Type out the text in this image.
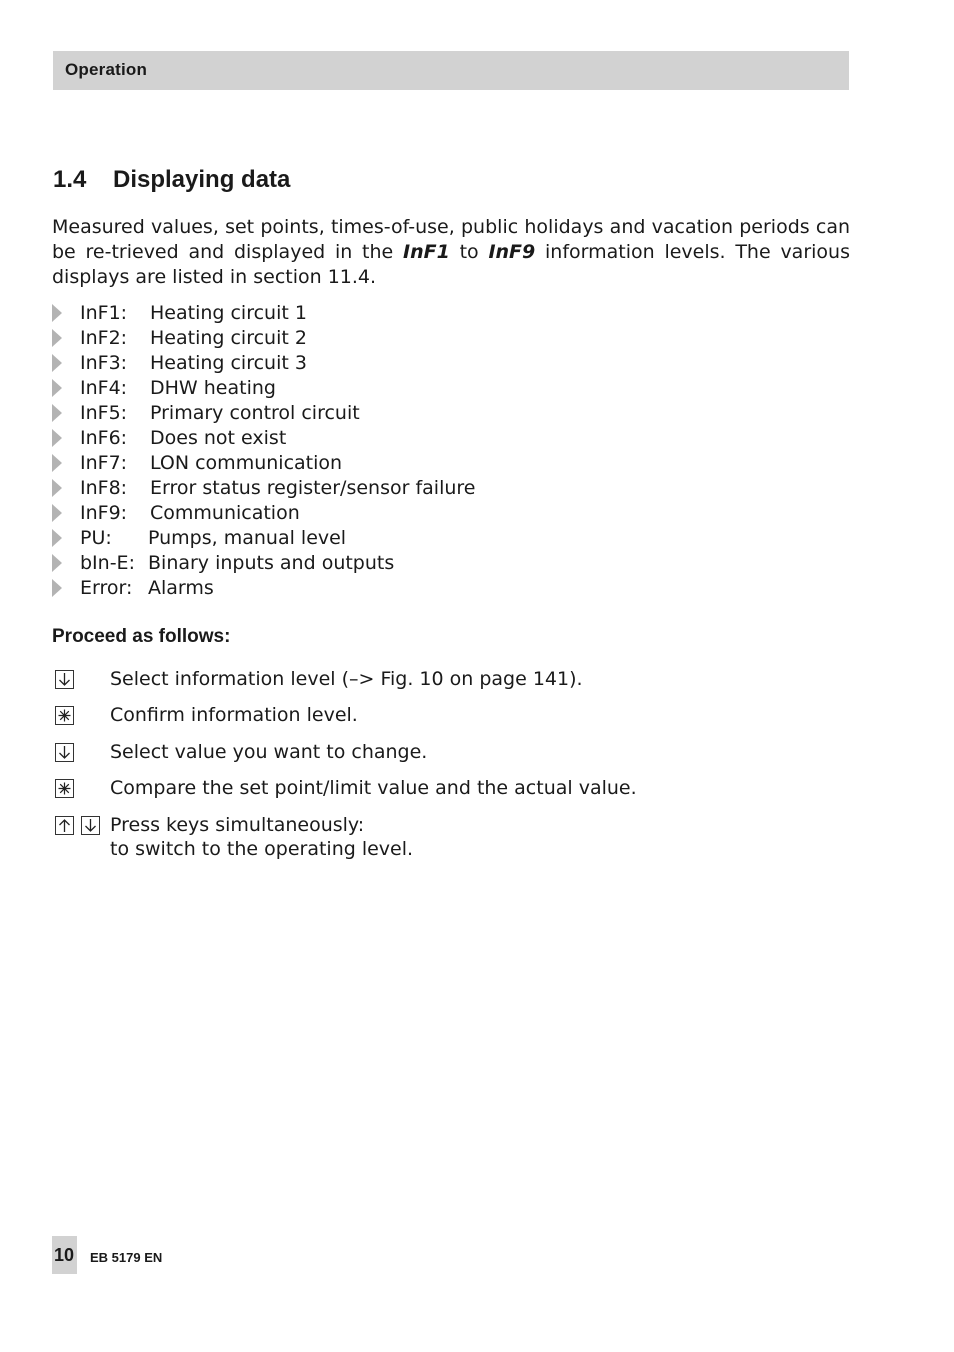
Operation
1.4 Displaying data

Measured values, set points, times-of-use, public holidays and vacation periods can be re-trieved and displayed in the InF1 to InF9 information levels. The various displays are listed in section 11.4.

InF1: Heating circuit 1
InF2: Heating circuit 2
InF3: Heating circuit 3
InF4: DHW heating
InF5: Primary control circuit
InF6: Does not exist
InF7: LON communication
InF8: Error status register/sensor failure
InF9: Communication
PU: Pumps, manual level
bIn-E: Binary inputs and outputs
Error: Alarms
Proceed as follows:
Select information level (–> Fig. 10 on page 141).
Confirm information level.
Select value you want to change.
Compare the set point/limit value and the actual value.
Press keys simultaneously:
to switch to the operating level.
10 EB 5179 EN
